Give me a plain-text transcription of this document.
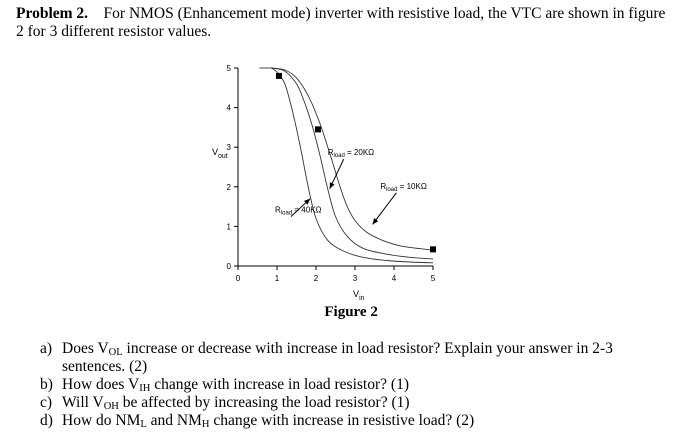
Problem 2. For NMOS (Enhancement mode) inverter with resistive load, the VTC are shown in figure 2 for 3 different resistor values.
0	1	2	3	4	5
0
1
2
3
4
5
$R_{load} = 20K\Omega$
$R_{load} = 10K\Omega$
$R_{load} = 40K\Omega$
$V_{out}$
$V_{in}$
Figure 2
a) Does $V_{OL}$ increase or decrease with increase in load resistor? Explain your answer in 2-3 sentences. (2)
b) How does $V_{IH}$ change with increase in load resistor? (1)
c) Will $V_{OH}$ be affected by increasing the load resistor? (1)
d) How do $NM_L$ and $NM_H$ change with increase in resistive load? (2)
